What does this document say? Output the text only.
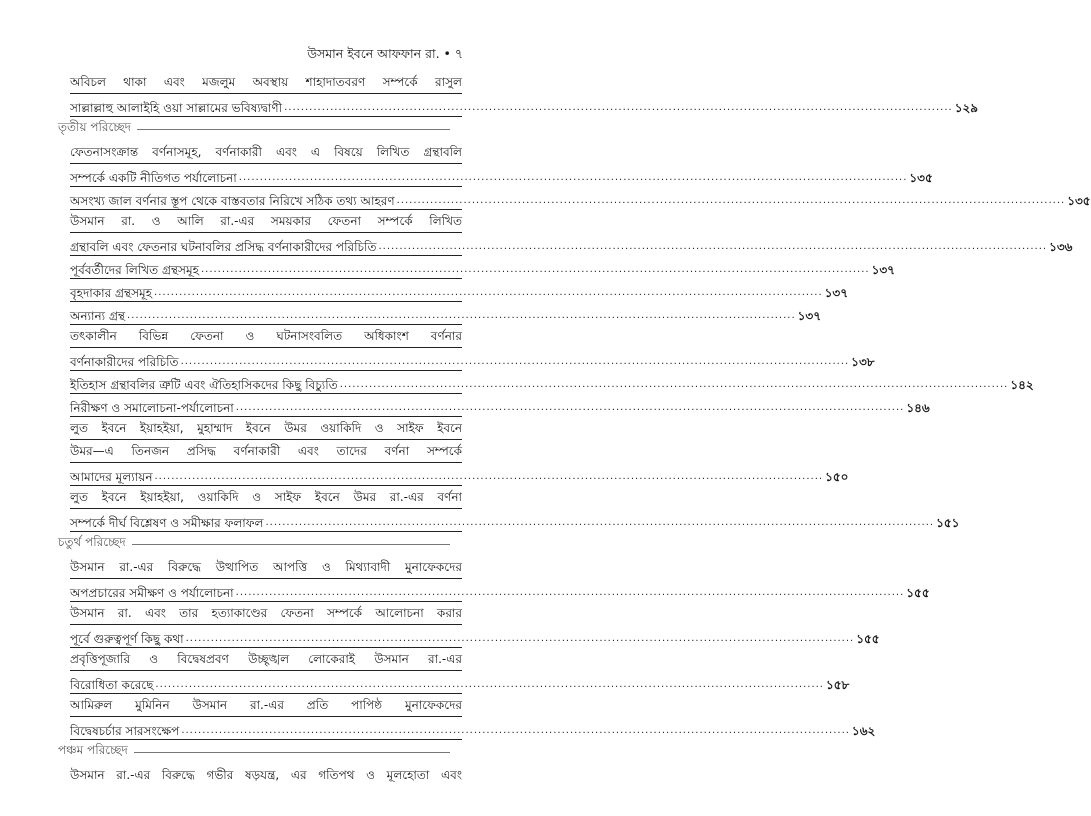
উসমান ইবনে আফফান রা. • ৭
অবিচল থাকা এবং মজলুম অবস্থায় শাহাদাতবরণ সম্পর্কে রাসুল
সাল্লাল্লাহু আলাইহি ওয়া সাল্লামের ভবিষ্যদ্বাণী ................................................................................................................................................................ ১২৯
তৃতীয় পরিচ্ছেদ
ফেতনাসংক্রান্ত বর্ণনাসমূহ, বর্ণনাকারী এবং এ বিষয়ে লিখিত গ্রন্থাবলি
সম্পর্কে একটি নীতিগত পর্যালোচনা ................................................................................................................................................................ ১৩৫
অসংখ্য জাল বর্ণনার স্তূপ থেকে বাস্তবতার নিরিখে সঠিক তথ্য আহরণ ................................................................................................................................................................ ১৩৫
উসমান রা. ও আলি রা.-এর সময়কার ফেতনা সম্পর্কে লিখিত
গ্রন্থাবলি এবং ফেতনার ঘটনাবলির প্রসিদ্ধ বর্ণনাকারীদের পরিচিতি ................................................................................................................................................................ ১৩৬
পূর্ববর্তীদের লিখিত গ্রন্থসমূহ ................................................................................................................................................................ ১৩৭
বৃহদাকার গ্রন্থসমূহ ................................................................................................................................................................ ১৩৭
অন্যান্য গ্রন্থ ................................................................................................................................................................ ১৩৭
তৎকালীন বিভিন্ন ফেতনা ও ঘটনাসংবলিত অধিকাংশ বর্ণনার
বর্ণনাকারীদের পরিচিতি ................................................................................................................................................................ ১৩৮
ইতিহাস গ্রন্থাবলির ত্রুটি এবং ঐতিহাসিকদের কিছু বিচ্যুতি ................................................................................................................................................................ ১৪২
নিরীক্ষণ ও সমালোচনা-পর্যালোচনা ................................................................................................................................................................ ১৪৬
লুত ইবনে ইয়াহইয়া, মুহাম্মাদ ইবনে উমর ওয়াকিদি ও সাইফ ইবনে
উমর—এ তিনজন প্রসিদ্ধ বর্ণনাকারী এবং তাদের বর্ণনা সম্পর্কে
আমাদের মূল্যায়ন ................................................................................................................................................................ ১৫০
লুত ইবনে ইয়াহইয়া, ওয়াকিদি ও সাইফ ইবনে উমর রা.-এর বর্ণনা
সম্পর্কে দীর্ঘ বিশ্লেষণ ও সমীক্ষার ফলাফল ................................................................................................................................................................ ১৫১
চতুর্থ পরিচ্ছেদ
উসমান রা.-এর বিরুদ্ধে উত্থাপিত আপত্তি ও মিথ্যাবাদী মুনাফেকদের
অপপ্রচারের সমীক্ষণ ও পর্যালোচনা ................................................................................................................................................................ ১৫৫
উসমান রা. এবং তার হত্যাকাণ্ডের ফেতনা সম্পর্কে আলোচনা করার
পূর্বে গুরুত্বপূর্ণ কিছু কথা ................................................................................................................................................................ ১৫৫
প্রবৃত্তিপূজারি ও বিদ্বেষপ্রবণ উচ্ছৃঙ্খল লোকেরাই উসমান রা.-এর
বিরোধিতা করেছে ................................................................................................................................................................ ১৫৮
আমিরুল মুমিনিন উসমান রা.-এর প্রতি পাপিষ্ঠ মুনাফেকদের
বিদ্বেষচর্চার সারসংক্ষেপ ................................................................................................................................................................ ১৬২
পঞ্চম পরিচ্ছেদ
উসমান রা.-এর বিরুদ্ধে গভীর ষড়যন্ত্র, এর গতিপথ ও মূলহোতা এবং
